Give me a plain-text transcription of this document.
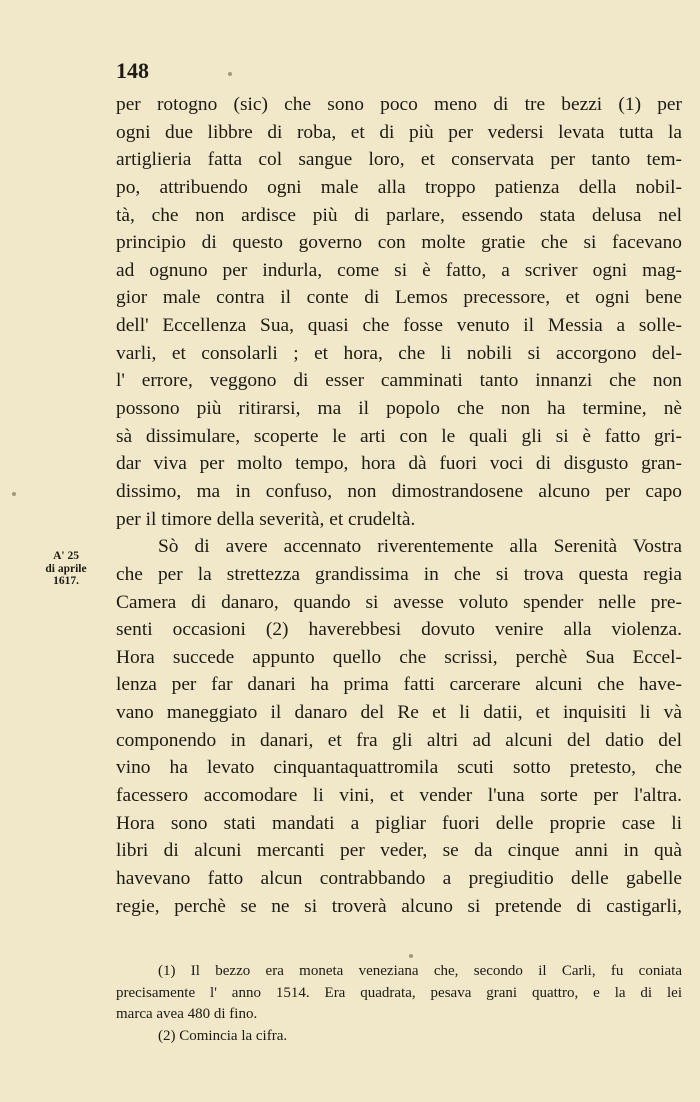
148
A' 25
di aprile
1617.
per rotogno (sic) che sono poco meno di tre bezzi (1) per
ogni due libbre di roba, et di più per vedersi levata tutta la
artiglieria fatta col sangue loro, et conservata per tanto tem-
po, attribuendo ogni male alla troppo patienza della nobil-
tà, che non ardisce più di parlare, essendo stata delusa nel
principio di questo governo con molte gratie che si facevano
ad ognuno per indurla, come si è fatto, a scriver ogni mag-
gior male contra il conte di Lemos precessore, et ogni bene
dell' Eccellenza Sua, quasi che fosse venuto il Messia a solle-
varli, et consolarli ; et hora, che li nobili si accorgono del-
l' errore, veggono di esser camminati tanto innanzi che non
possono più ritirarsi, ma il popolo che non ha termine, nè
sà dissimulare, scoperte le arti con le quali gli si è fatto gri-
dar viva per molto tempo, hora dà fuori voci di disgusto gran-
dissimo, ma in confuso, non dimostrandosene alcuno per capo
per il timore della severità, et crudeltà.
Sò di avere accennato riverentemente alla Serenità Vostra
che per la strettezza grandissima in che si trova questa regia
Camera di danaro, quando si avesse voluto spender nelle pre-
senti occasioni (2) haverebbesi dovuto venire alla violenza.
Hora succede appunto quello che scrissi, perchè Sua Eccel-
lenza per far danari ha prima fatti carcerare alcuni che have-
vano maneggiato il danaro del Re et li datii, et inquisiti li và
componendo in danari, et fra gli altri ad alcuni del datio del
vino ha levato cinquantaquattromila scuti sotto pretesto, che
facessero accomodare li vini, et vender l'una sorte per l'altra.
Hora sono stati mandati a pigliar fuori delle proprie case li
libri di alcuni mercanti per veder, se da cinque anni in quà
havevano fatto alcun contrabbando a pregiuditio delle gabelle
regie, perchè se ne si troverà alcuno si pretende di castigarli,
(1) Il bezzo era moneta veneziana che, secondo il Carli, fu coniata
precisamente l' anno 1514. Era quadrata, pesava grani quattro, e la di lei
marca avea 480 di fino.
(2) Comincia la cifra.
